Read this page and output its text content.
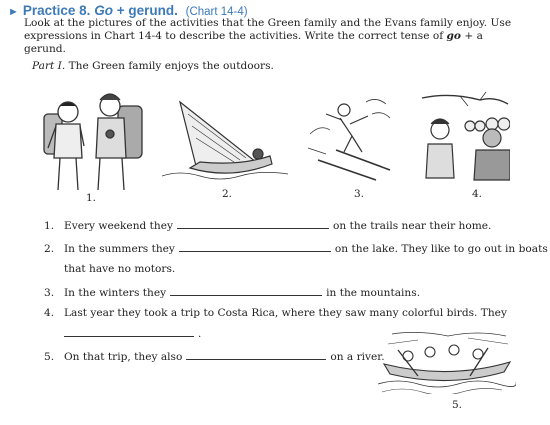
► Practice 8. Go + gerund. (Chart 14-4)
Look at the pictures of the activities that the Green family and the Evans family enjoy. Use
expressions in Chart 14-4 to describe the activities. Write the correct tense of go + a gerund.
Part I. The Green family enjoys the outdoors.
1.	2.	3.	4.
5.
1. Every weekend they	on the trails near their home.
2. In the summers they	on the lake. They like to go out in boats
that have no motors.
3. In the winters they	in the mountains.
4. Last year they took a trip to Costa Rica, where they saw many colorful birds. They
.
5. On that trip, they also	on a river.
